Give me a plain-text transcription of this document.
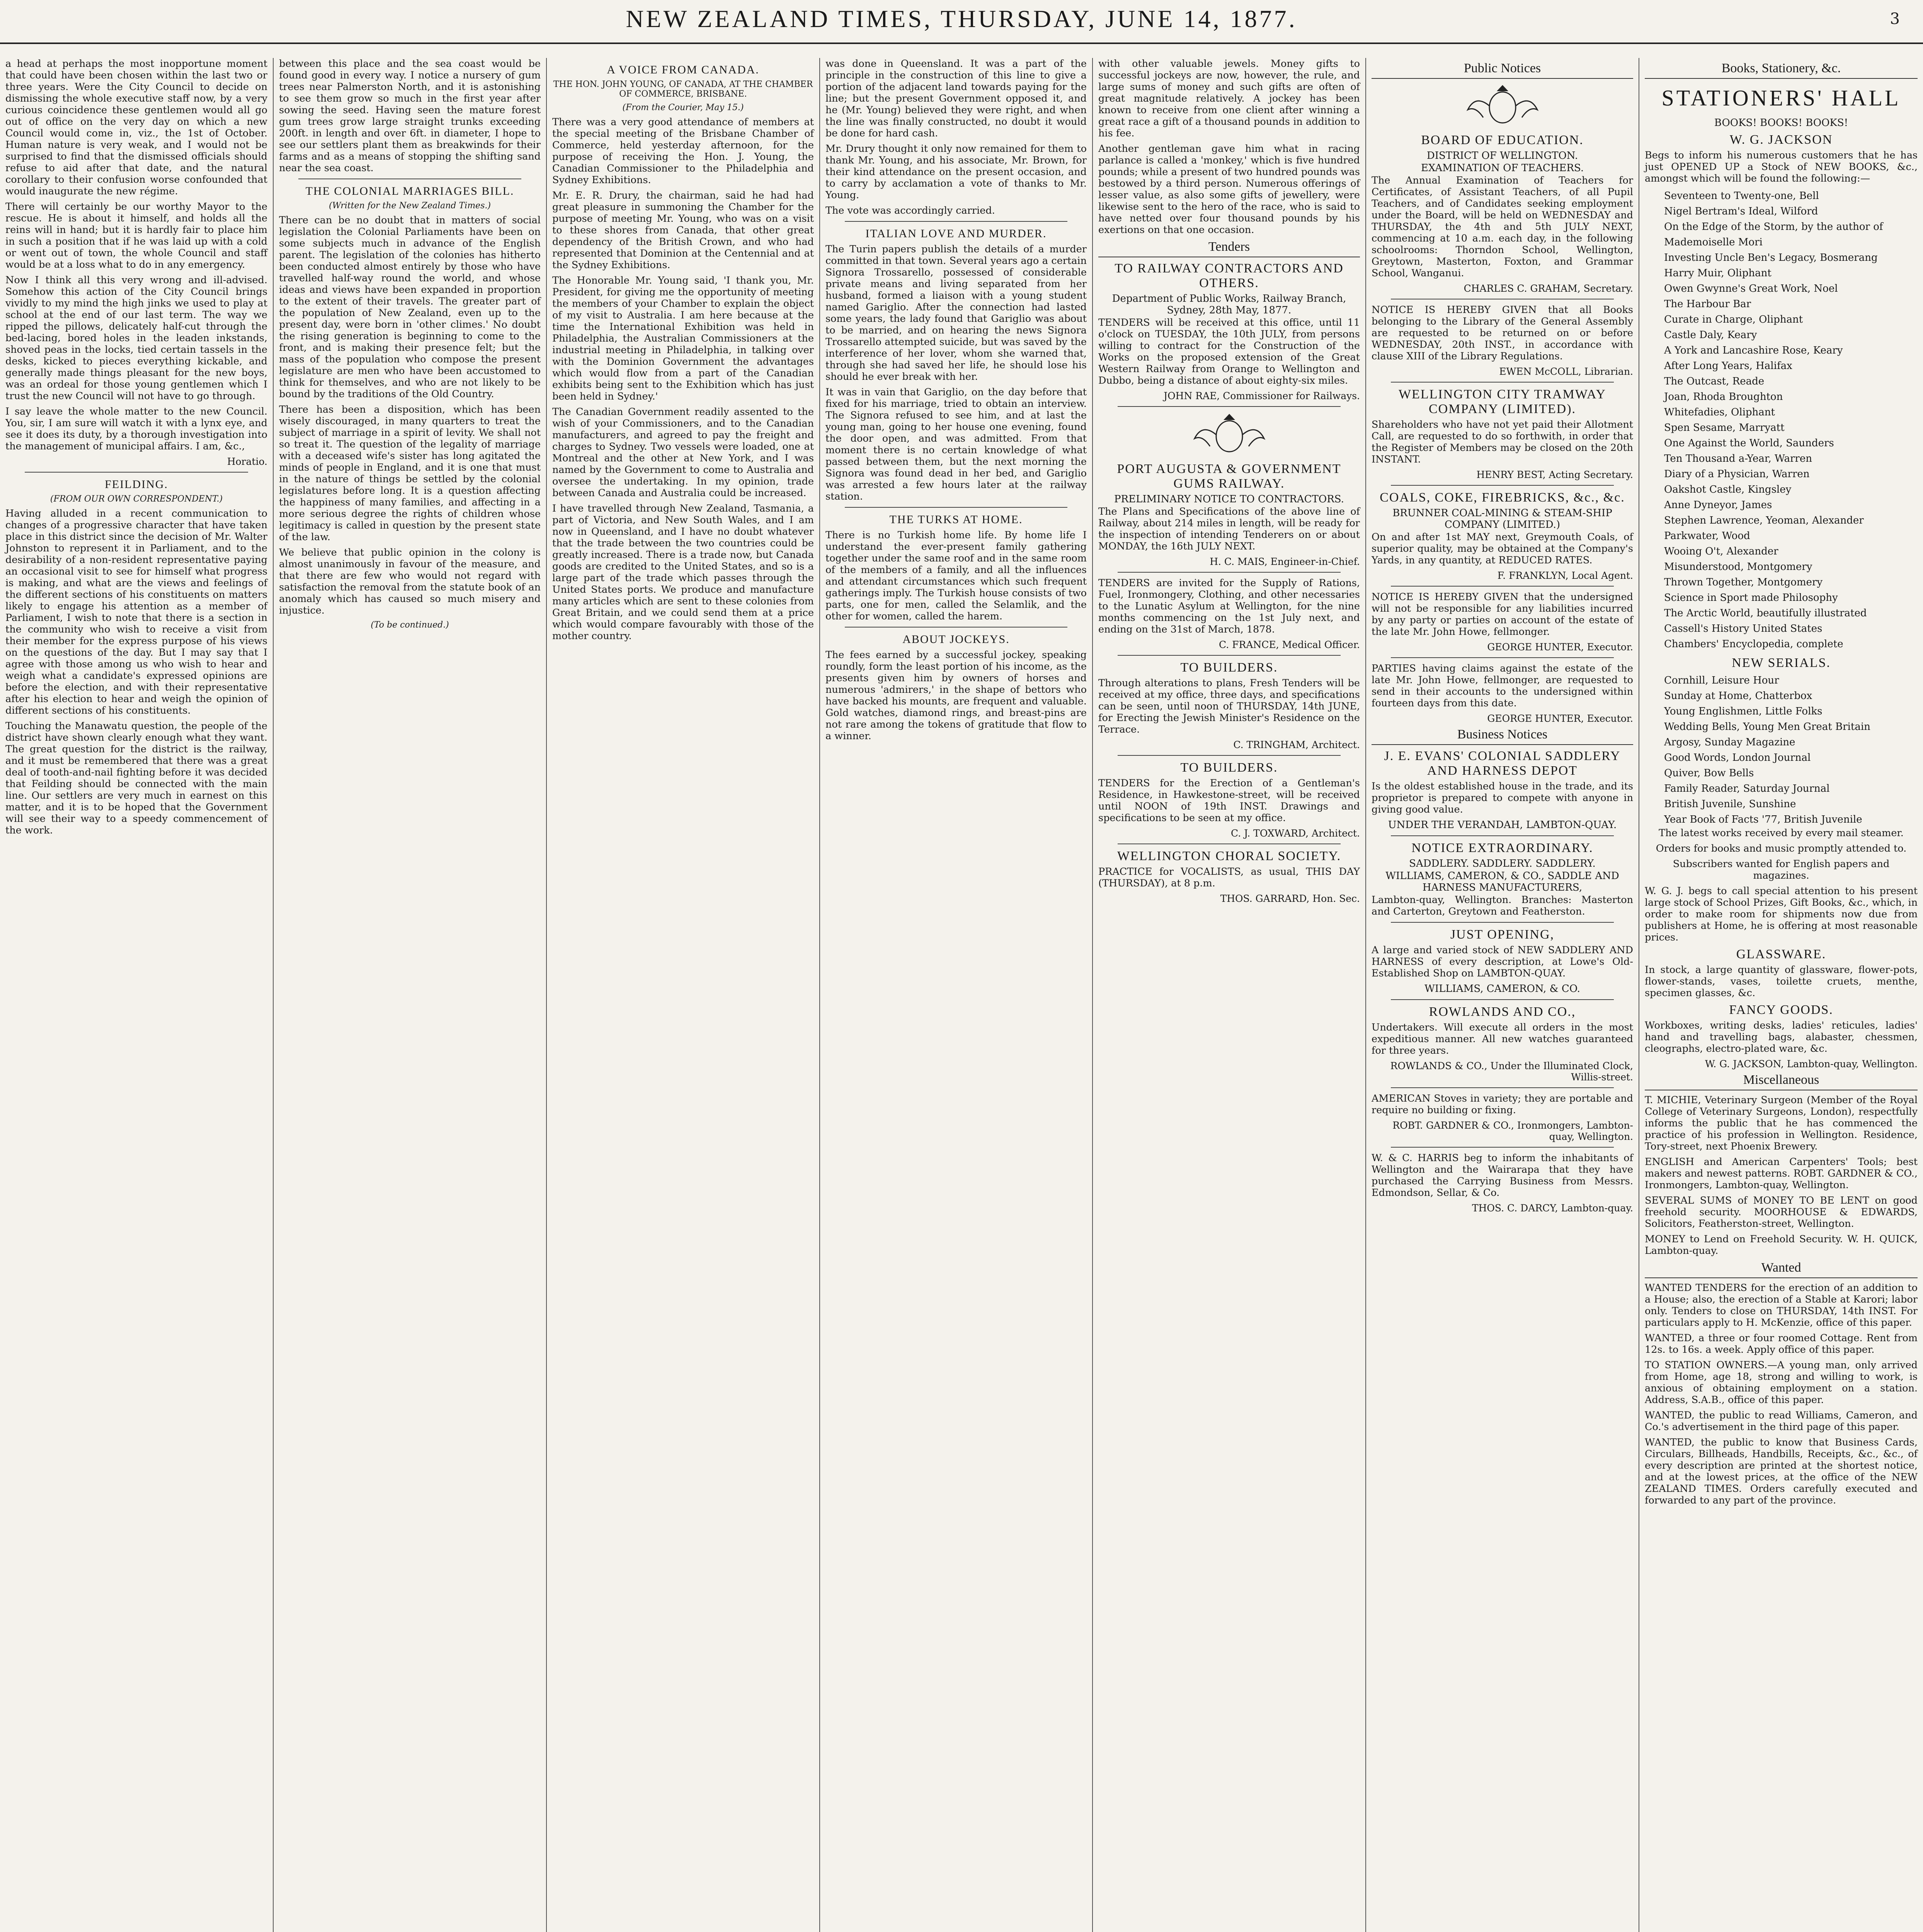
NEW ZEALAND TIMES, THURSDAY, JUNE 14, 1877.	3

a head at perhaps the most inopportune moment that could have been chosen within the last two or three years. Were the City Council to decide on dismissing the whole executive staff now, by a very curious coincidence these gentlemen would all go out of office on the very day on which a new Council would come in, viz., the 1st of October. Human nature is very weak, and I would not be surprised to find that the dismissed officials should refuse to aid after that date, and the natural corollary to their confusion worse confounded that would inaugurate the new régime.

There will certainly be our worthy Mayor to the rescue. He is about it himself, and holds all the reins will in hand; but it is hardly fair to place him in such a position that if he was laid up with a cold or went out of town, the whole Council and staff would be at a loss what to do in any emergency.

Now I think all this very wrong and ill-advised. Somehow this action of the City Council brings vividly to my mind the high jinks we used to play at school at the end of our last term. The way we ripped the pillows, delicately half-cut through the bed-lacing, bored holes in the leaden inkstands, shoved peas in the locks, tied certain tassels in the desks, kicked to pieces everything kickable, and generally made things pleasant for the new boys, was an ordeal for those young gentlemen which I trust the new Council will not have to go through.

I say leave the whole matter to the new Council. You, sir, I am sure will watch it with a lynx eye, and see it does its duty, by a thorough investigation into the management of municipal affairs. I am, &c.,

Horatio.
FEILDING.
(FROM OUR OWN CORRESPONDENT.)

Having alluded in a recent communication to changes of a progressive character that have taken place in this district since the decision of Mr. Walter Johnston to represent it in Parliament, and to the desirability of a non-resident representative paying an occasional visit to see for himself what progress is making, and what are the views and feelings of the different sections of his constituents on matters likely to engage his attention as a member of Parliament, I wish to note that there is a section in the community who wish to receive a visit from their member for the express purpose of his views on the questions of the day. But I may say that I agree with those among us who wish to hear and weigh what a candidate's expressed opinions are before the election, and with their representative after his election to hear and weigh the opinion of different sections of his constituents.

Touching the Manawatu question, the people of the district have shown clearly enough what they want. The great question for the district is the railway, and it must be remembered that there was a great deal of tooth-and-nail fighting before it was decided that Feilding should be connected with the main line. Our settlers are very much in earnest on this matter, and it is to be hoped that the Government will see their way to a speedy commencement of the work.

between this place and the sea coast would be found good in every way. I notice a nursery of gum trees near Palmerston North, and it is astonishing to see them grow so much in the first year after sowing the seed. Having seen the mature forest gum trees grow large straight trunks exceeding 200ft. in length and over 6ft. in diameter, I hope to see our settlers plant them as breakwinds for their farms and as a means of stopping the shifting sand near the sea coast.

THE COLONIAL MARRIAGES BILL.
(Written for the New Zealand Times.)

There can be no doubt that in matters of social legislation the Colonial Parliaments have been on some subjects much in advance of the English parent. The legislation of the colonies has hitherto been conducted almost entirely by those who have travelled half-way round the world, and whose ideas and views have been expanded in proportion to the extent of their travels. The greater part of the population of New Zealand, even up to the present day, were born in 'other climes.' No doubt the rising generation is beginning to come to the front, and is making their presence felt; but the mass of the population who compose the present legislature are men who have been accustomed to think for themselves, and who are not likely to be bound by the traditions of the Old Country.

There has been a disposition, which has been wisely discouraged, in many quarters to treat the subject of marriage in a spirit of levity. We shall not so treat it. The question of the legality of marriage with a deceased wife's sister has long agitated the minds of people in England, and it is one that must in the nature of things be settled by the colonial legislatures before long. It is a question affecting the happiness of many families, and affecting in a more serious degree the rights of children whose legitimacy is called in question by the present state of the law.

We believe that public opinion in the colony is almost unanimously in favour of the measure, and that there are few who would not regard with satisfaction the removal from the statute book of an anomaly which has caused so much misery and injustice.

(To be continued.)
A VOICE FROM CANADA.
THE HON. JOHN YOUNG, OF CANADA, AT THE CHAMBER OF COMMERCE, BRISBANE.
(From the Courier, May 15.)

There was a very good attendance of members at the special meeting of the Brisbane Chamber of Commerce, held yesterday afternoon, for the purpose of receiving the Hon. J. Young, the Canadian Commissioner to the Philadelphia and Sydney Exhibitions.

Mr. E. R. Drury, the chairman, said he had had great pleasure in summoning the Chamber for the purpose of meeting Mr. Young, who was on a visit to these shores from Canada, that other great dependency of the British Crown, and who had represented that Dominion at the Centennial and at the Sydney Exhibitions.

The Honorable Mr. Young said, 'I thank you, Mr. President, for giving me the opportunity of meeting the members of your Chamber to explain the object of my visit to Australia. I am here because at the time the International Exhibition was held in Philadelphia, the Australian Commissioners at the industrial meeting in Philadelphia, in talking over with the Dominion Government the advantages which would flow from a part of the Canadian exhibits being sent to the Exhibition which has just been held in Sydney.'

The Canadian Government readily assented to the wish of your Commissioners, and to the Canadian manufacturers, and agreed to pay the freight and charges to Sydney. Two vessels were loaded, one at Montreal and the other at New York, and I was named by the Government to come to Australia and oversee the undertaking. In my opinion, trade between Canada and Australia could be increased.

I have travelled through New Zealand, Tasmania, a part of Victoria, and New South Wales, and I am now in Queensland, and I have no doubt whatever that the trade between the two countries could be greatly increased. There is a trade now, but Canada goods are credited to the United States, and so is a large part of the trade which passes through the United States ports. We produce and manufacture many articles which are sent to these colonies from Great Britain, and we could send them at a price which would compare favourably with those of the mother country.

was done in Queensland. It was a part of the principle in the construction of this line to give a portion of the adjacent land towards paying for the line; but the present Government opposed it, and he (Mr. Young) believed they were right, and when the line was finally constructed, no doubt it would be done for hard cash.

Mr. Drury thought it only now remained for them to thank Mr. Young, and his associate, Mr. Brown, for their kind attendance on the present occasion, and to carry by acclamation a vote of thanks to Mr. Young.

The vote was accordingly carried.

ITALIAN LOVE AND MURDER.

The Turin papers publish the details of a murder committed in that town. Several years ago a certain Signora Trossarello, possessed of considerable private means and living separated from her husband, formed a liaison with a young student named Gariglio. After the connection had lasted some years, the lady found that Gariglio was about to be married, and on hearing the news Signora Trossarello attempted suicide, but was saved by the interference of her lover, whom she warned that, through she had saved her life, he should lose his should he ever break with her.

It was in vain that Gariglio, on the day before that fixed for his marriage, tried to obtain an interview. The Signora refused to see him, and at last the young man, going to her house one evening, found the door open, and was admitted. From that moment there is no certain knowledge of what passed between them, but the next morning the Signora was found dead in her bed, and Gariglio was arrested a few hours later at the railway station.

THE TURKS AT HOME.

There is no Turkish home life. By home life I understand the ever-present family gathering together under the same roof and in the same room of the members of a family, and all the influences and attendant circumstances which such frequent gatherings imply. The Turkish house consists of two parts, one for men, called the Selamlik, and the other for women, called the harem.

ABOUT JOCKEYS.

The fees earned by a successful jockey, speaking roundly, form the least portion of his income, as the presents given him by owners of horses and numerous 'admirers,' in the shape of bettors who have backed his mounts, are frequent and valuable. Gold watches, diamond rings, and breast-pins are not rare among the tokens of gratitude that flow to a winner.

with other valuable jewels. Money gifts to successful jockeys are now, however, the rule, and large sums of money and such gifts are often of great magnitude relatively. A jockey has been known to receive from one client after winning a great race a gift of a thousand pounds in addition to his fee.

Another gentleman gave him what in racing parlance is called a 'monkey,' which is five hundred pounds; while a present of two hundred pounds was bestowed by a third person. Numerous offerings of lesser value, as also some gifts of jewellery, were likewise sent to the hero of the race, who is said to have netted over four thousand pounds by his exertions on that one occasion.

Tenders
TO RAILWAY CONTRACTORS AND OTHERS.
Department of Public Works, Railway Branch, Sydney, 28th May, 1877.

TENDERS will be received at this office, until 11 o'clock on TUESDAY, the 10th JULY, from persons willing to contract for the Construction of the Works on the proposed extension of the Great Western Railway from Orange to Wellington and Dubbo, being a distance of about eighty-six miles.

JOHN RAE, Commissioner for Railways.
PORT AUGUSTA & GOVERNMENT GUMS RAILWAY.
PRELIMINARY NOTICE TO CONTRACTORS.

The Plans and Specifications of the above line of Railway, about 214 miles in length, will be ready for the inspection of intending Tenderers on or about MONDAY, the 16th JULY NEXT.

H. C. MAIS, Engineer-in-Chief.

TENDERS are invited for the Supply of Rations, Fuel, Ironmongery, Clothing, and other necessaries to the Lunatic Asylum at Wellington, for the nine months commencing on the 1st July next, and ending on the 31st of March, 1878.

C. FRANCE, Medical Officer.
TO BUILDERS.

Through alterations to plans, Fresh Tenders will be received at my office, three days, and specifications can be seen, until noon of THURSDAY, 14th JUNE, for Erecting the Jewish Minister's Residence on the Terrace.

C. TRINGHAM, Architect.
TO BUILDERS.

TENDERS for the Erection of a Gentleman's Residence, in Hawkestone-street, will be received until NOON of 19th INST. Drawings and specifications to be seen at my office.

C. J. TOXWARD, Architect.
WELLINGTON CHORAL SOCIETY.

PRACTICE for VOCALISTS, as usual, THIS DAY (THURSDAY), at 8 p.m.

THOS. GARRARD, Hon. Sec.
Public Notices
BOARD OF EDUCATION.
DISTRICT OF WELLINGTON.
EXAMINATION OF TEACHERS.

The Annual Examination of Teachers for Certificates, of Assistant Teachers, of all Pupil Teachers, and of Candidates seeking employment under the Board, will be held on WEDNESDAY and THURSDAY, the 4th and 5th JULY NEXT, commencing at 10 a.m. each day, in the following schoolrooms: Thorndon School, Wellington, Greytown, Masterton, Foxton, and Grammar School, Wanganui.

CHARLES C. GRAHAM, Secretary.

NOTICE IS HEREBY GIVEN that all Books belonging to the Library of the General Assembly are requested to be returned on or before WEDNESDAY, 20th INST., in accordance with clause XIII of the Library Regulations.

EWEN McCOLL, Librarian.
WELLINGTON CITY TRAMWAY COMPANY (LIMITED).

Shareholders who have not yet paid their Allotment Call, are requested to do so forthwith, in order that the Register of Members may be closed on the 20th INSTANT.

HENRY BEST, Acting Secretary.
COALS, COKE, FIREBRICKS, &c., &c.
BRUNNER COAL-MINING & STEAM-SHIP COMPANY (LIMITED.)

On and after 1st MAY next, Greymouth Coals, of superior quality, may be obtained at the Company's Yards, in any quantity, at REDUCED RATES.

F. FRANKLYN, Local Agent.

NOTICE IS HEREBY GIVEN that the undersigned will not be responsible for any liabilities incurred by any party or parties on account of the estate of the late Mr. John Howe, fellmonger.

GEORGE HUNTER, Executor.

PARTIES having claims against the estate of the late Mr. John Howe, fellmonger, are requested to send in their accounts to the undersigned within fourteen days from this date.

GEORGE HUNTER, Executor.
Business Notices
J. E. EVANS' COLONIAL SADDLERY AND HARNESS DEPOT

Is the oldest established house in the trade, and its proprietor is prepared to compete with anyone in giving good value.

UNDER THE VERANDAH, LAMBTON-QUAY.
NOTICE EXTRAORDINARY.
SADDLERY. SADDLERY. SADDLERY.
WILLIAMS, CAMERON, & CO., SADDLE AND HARNESS MANUFACTURERS,

Lambton-quay, Wellington. Branches: Masterton and Carterton, Greytown and Featherston.

JUST OPENING,

A large and varied stock of NEW SADDLERY AND HARNESS of every description, at Lowe's Old-Established Shop on LAMBTON-QUAY.

WILLIAMS, CAMERON, & CO.
ROWLANDS AND CO.,

Undertakers. Will execute all orders in the most expeditious manner. All new watches guaranteed for three years.

ROWLANDS & CO., Under the Illuminated Clock, Willis-street.

AMERICAN Stoves in variety; they are portable and require no building or fixing.

ROBT. GARDNER & CO., Ironmongers, Lambton-quay, Wellington.

W. & C. HARRIS beg to inform the inhabitants of Wellington and the Wairarapa that they have purchased the Carrying Business from Messrs. Edmondson, Sellar, & Co.

THOS. C. DARCY, Lambton-quay.
Books, Stationery, &c.
STATIONERS' HALL
BOOKS! BOOKS! BOOKS!
W. G. JACKSON

Begs to inform his numerous customers that he has just OPENED UP a Stock of NEW BOOKS, &c., amongst which will be found the following:—

Seventeen to Twenty-one, Bell
Nigel Bertram's Ideal, Wilford
On the Edge of the Storm, by the author of Mademoiselle Mori
Investing Uncle Ben's Legacy, Bosmerang
Harry Muir, Oliphant
Owen Gwynne's Great Work, Noel
The Harbour Bar
Curate in Charge, Oliphant
Castle Daly, Keary
A York and Lancashire Rose, Keary
After Long Years, Halifax
The Outcast, Reade
Joan, Rhoda Broughton
Whitefadies, Oliphant
Spen Sesame, Marryatt
One Against the World, Saunders
Ten Thousand a-Year, Warren
Diary of a Physician, Warren
Oakshot Castle, Kingsley
Anne Dyneyor, James
Stephen Lawrence, Yeoman, Alexander
Parkwater, Wood
Wooing O't, Alexander
Misunderstood, Montgomery
Thrown Together, Montgomery
Science in Sport made Philosophy
The Arctic World, beautifully illustrated
Cassell's History United States
Chambers' Encyclopedia, complete
NEW SERIALS.
Cornhill, Leisure Hour
Sunday at Home, Chatterbox
Young Englishmen, Little Folks
Wedding Bells, Young Men Great Britain
Argosy, Sunday Magazine
Good Words, London Journal
Quiver, Bow Bells
Family Reader, Saturday Journal
British Juvenile, Sunshine
Year Book of Facts '77, British Juvenile

The latest works received by every mail steamer.

Orders for books and music promptly attended to.

Subscribers wanted for English papers and magazines.

W. G. J. begs to call special attention to his present large stock of School Prizes, Gift Books, &c., which, in order to make room for shipments now due from publishers at Home, he is offering at most reasonable prices.

GLASSWARE.

In stock, a large quantity of glassware, flower-pots, flower-stands, vases, toilette cruets, menthe, specimen glasses, &c.

FANCY GOODS.

Workboxes, writing desks, ladies' reticules, ladies' hand and travelling bags, alabaster, chessmen, cleographs, electro-plated ware, &c.

W. G. JACKSON, Lambton-quay, Wellington.
Miscellaneous

T. MICHIE, Veterinary Surgeon (Member of the Royal College of Veterinary Surgeons, London), respectfully informs the public that he has commenced the practice of his profession in Wellington. Residence, Tory-street, next Phoenix Brewery.

ENGLISH and American Carpenters' Tools; best makers and newest patterns. ROBT. GARDNER & CO., Ironmongers, Lambton-quay, Wellington.

SEVERAL SUMS of MONEY TO BE LENT on good freehold security. MOORHOUSE & EDWARDS, Solicitors, Featherston-street, Wellington.

MONEY to Lend on Freehold Security. W. H. QUICK, Lambton-quay.

Wanted

WANTED TENDERS for the erection of an addition to a House; also, the erection of a Stable at Karori; labor only. Tenders to close on THURSDAY, 14th INST. For particulars apply to H. McKenzie, office of this paper.

WANTED, a three or four roomed Cottage. Rent from 12s. to 16s. a week. Apply office of this paper.

TO STATION OWNERS.—A young man, only arrived from Home, age 18, strong and willing to work, is anxious of obtaining employment on a station. Address, S.A.B., office of this paper.

WANTED, the public to read Williams, Cameron, and Co.'s advertisement in the third page of this paper.

WANTED, the public to know that Business Cards, Circulars, Billheads, Handbills, Receipts, &c., &c., of every description are printed at the shortest notice, and at the lowest prices, at the office of the NEW ZEALAND TIMES. Orders carefully executed and forwarded to any part of the province.
